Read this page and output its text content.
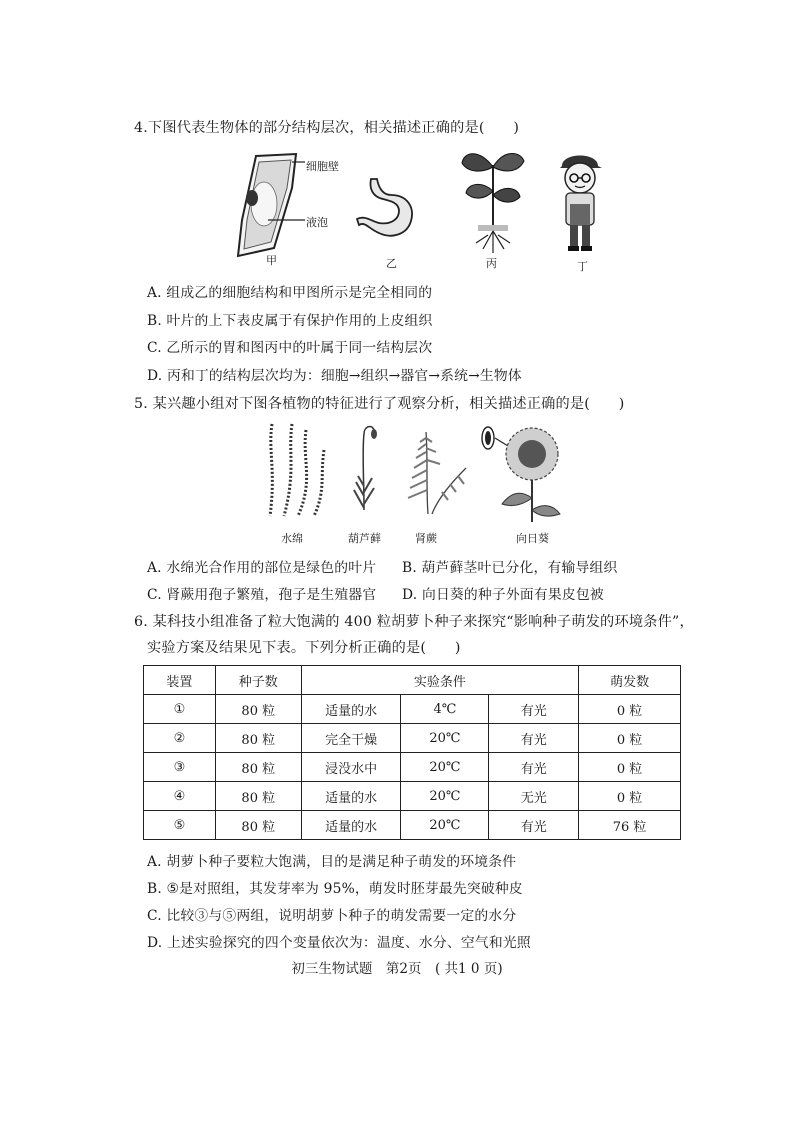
4.下图代表生物体的部分结构层次，相关描述正确的是(　　)
细胞壁
液泡
甲	乙	丙	丁
A. 组成乙的细胞结构和甲图所示是完全相同的
B. 叶片的上下表皮属于有保护作用的上皮组织
C. 乙所示的胃和图丙中的叶属于同一结构层次
D. 丙和丁的结构层次均为：细胞→组织→器官→系统→生物体
5. 某兴趣小组对下图各植物的特征进行了观察分析，相关描述正确的是(　　)
水绵	葫芦藓	肾蕨	向日葵
A. 水绵光合作用的部位是绿色的叶片 B. 葫芦藓茎叶已分化，有输导组织
C. 肾蕨用孢子繁殖，孢子是生殖器官 D. 向日葵的种子外面有果皮包被
6. 某科技小组准备了粒大饱满的 400 粒胡萝卜种子来探究“影响种子萌发的环境条件”，
实验方案及结果见下表。下列分析正确的是(　　)
装置	种子数	实验条件			萌发数
①	80 粒	适量的水	4℃	有光	0 粒
②	80 粒	完全干燥	20℃	有光	0 粒
③	80 粒	浸没水中	20℃	有光	0 粒
④	80 粒	适量的水	20℃	无光	0 粒
⑤	80 粒	适量的水	20℃	有光	76 粒
A. 胡萝卜种子要粒大饱满，目的是满足种子萌发的环境条件
B. ⑤是对照组，其发芽率为 95%，萌发时胚芽最先突破种皮
C. 比较③与⑤两组，说明胡萝卜种子的萌发需要一定的水分
D. 上述实验探究的四个变量依次为：温度、水分、空气和光照
初三生物试题　第2页　( 共1 0 页)
